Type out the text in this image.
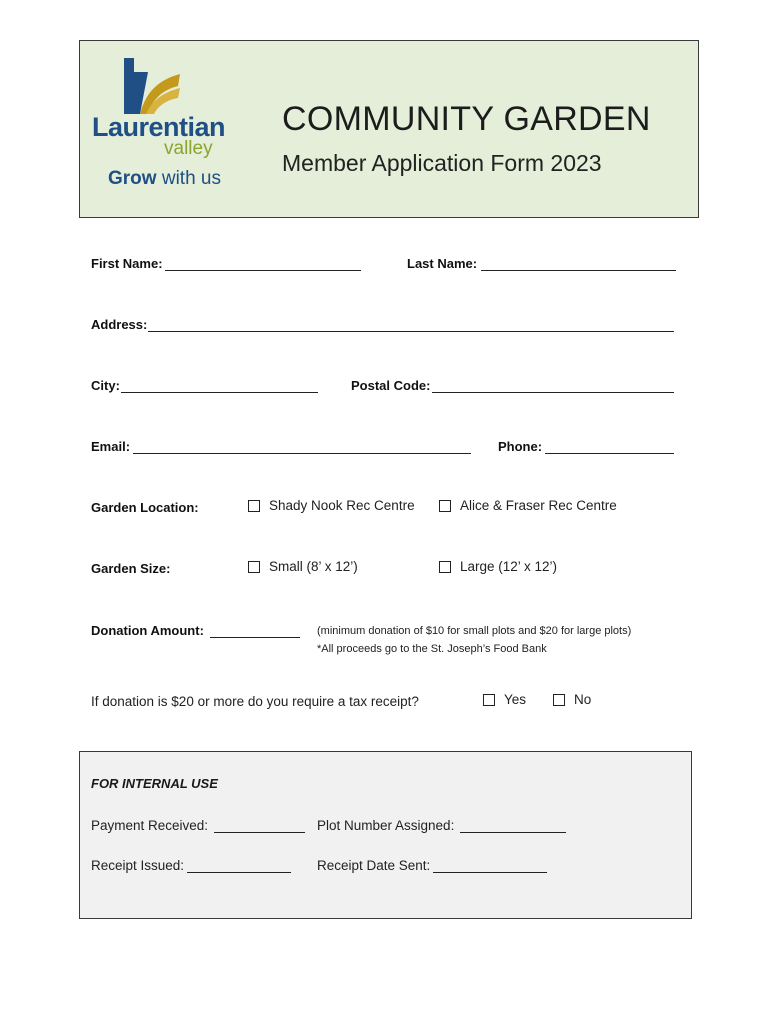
Laurentian
valley
Grow with us
COMMUNITY GARDEN
Member Application Form 2023
First Name:	Last Name:
Address:
City:	Postal Code:
Email:	Phone:
Garden Location:	Shady Nook Rec Centre	Alice & Fraser Rec Centre
Garden Size:	Small (8’ x 12’)	Large (12’ x 12’)
Donation Amount:	(minimum donation of $10 for small plots and $20 for large plots)
*All proceeds go to the St. Joseph’s Food Bank
If donation is $20 or more do you require a tax receipt?	Yes	No
FOR INTERNAL USE
Payment Received:	Plot Number Assigned:
Receipt Issued:	Receipt Date Sent:
